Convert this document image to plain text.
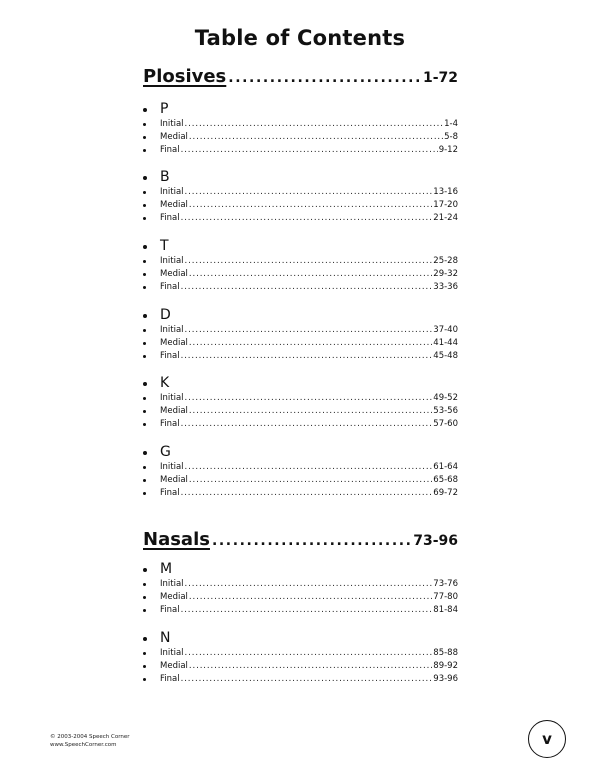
Table of Contents
Plosives .....	1-72
Nasals .....	73-96
P
Initial .....	1-4
Medial .....	5-8
Final .....	9-12
B
Initial .....	13-16
Medial .....	17-20
Final .....	21-24
T
Initial .....	25-28
Medial .....	29-32
Final .....	33-36
D
Initial .....	37-40
Medial .....	41-44
Final .....	45-48
K
Initial .....	49-52
Medial .....	53-56
Final .....	57-60
G
Initial .....	61-64
Medial .....	65-68
Final .....	69-72
M
Initial .....	73-76
Medial .....	77-80
Final .....	81-84
N
Initial .....	85-88
Medial .....	89-92
Final .....	93-96
© 2003-2004 Speech Corner
www.SpeechCorner.com	v
